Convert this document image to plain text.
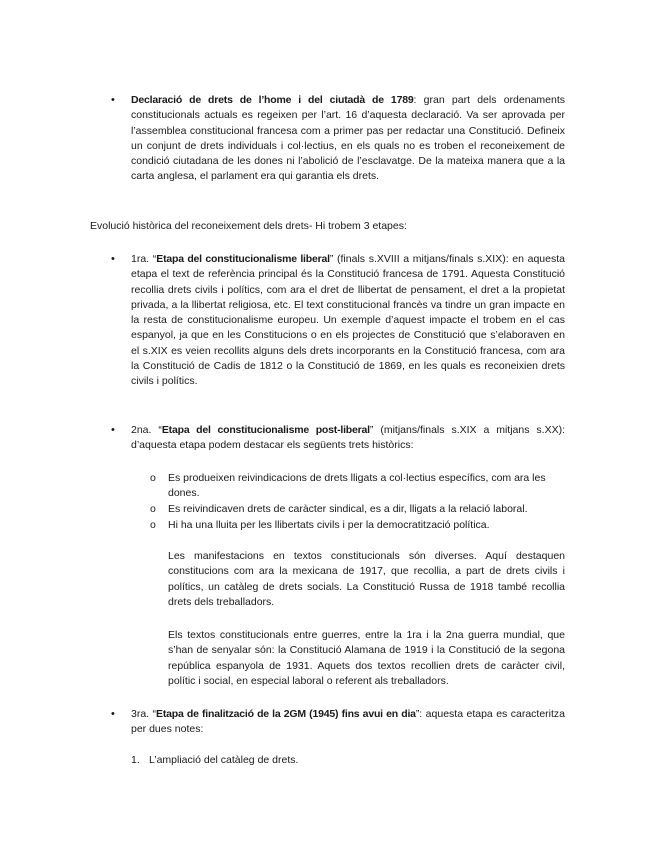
• Declaració de drets de l’home i del ciutadà de 1789: gran part dels ordenaments constitucionals actuals es regeixen per l’art. 16 d’aquesta declaració. Va ser aprovada per l’assemblea constitucional francesa com a primer pas per redactar una Constitució. Defineix un conjunt de drets individuals i col·lectius, en els quals no es troben el reconeixement de condició ciutadana de les dones ni l’abolició de l’esclavatge. De la mateixa manera que a la carta anglesa, el parlament era qui garantia els drets.
Evolució històrica del reconeixement dels drets- Hi trobem 3 etapes:
• 1ra. “Etapa del constitucionalisme liberal” (finals s.XVIII a mitjans/finals s.XIX): en aquesta etapa el text de referència principal és la Constitució francesa de 1791. Aquesta Constitució recollia drets civils i polítics, com ara el dret de llibertat de pensament, el dret a la propietat privada, a la llibertat religiosa, etc. El text constitucional francès va tindre un gran impacte en la resta de constitucionalisme europeu. Un exemple d’aquest impacte el trobem en el cas espanyol, ja que en les Constitucions o en els projectes de Constitució que s’elaboraven en el s.XIX es veien recollits alguns dels drets incorporants en la Constitució francesa, com ara la Constitució de Cadis de 1812 o la Constitució de 1869, en les quals es reconeixien drets civils i polítics.
• 2na. “Etapa del constitucionalisme post-liberal” (mitjans/finals s.XIX a mitjans s.XX): d’aquesta etapa podem destacar els següents trets històrics:
o Es produeixen reivindicacions de drets lligats a col·lectius específics, com ara les dones.
o Es reivindicaven drets de caràcter sindical, es a dir, lligats a la relació laboral.
o Hi ha una lluita per les llibertats civils i per la democratització política.
Les manifestacions en textos constitucionals són diverses. Aquí destaquen constitucions com ara la mexicana de 1917, que recollia, a part de drets civils i polítics, un catàleg de drets socials. La Constitució Russa de 1918 també recollia drets dels treballadors.
Els textos constitucionals entre guerres, entre la 1ra i la 2na guerra mundial, que s’han de senyalar són: la Constitució Alamana de 1919 i la Constitució de la segona república espanyola de 1931. Aquets dos textos recollien drets de caràcter civil, polític i social, en especial laboral o referent als treballadors.
• 3ra. “Etapa de finalització de la 2GM (1945) fins avui en dia”: aquesta etapa es caracteritza per dues notes:
1. L’ampliació del catàleg de drets.
